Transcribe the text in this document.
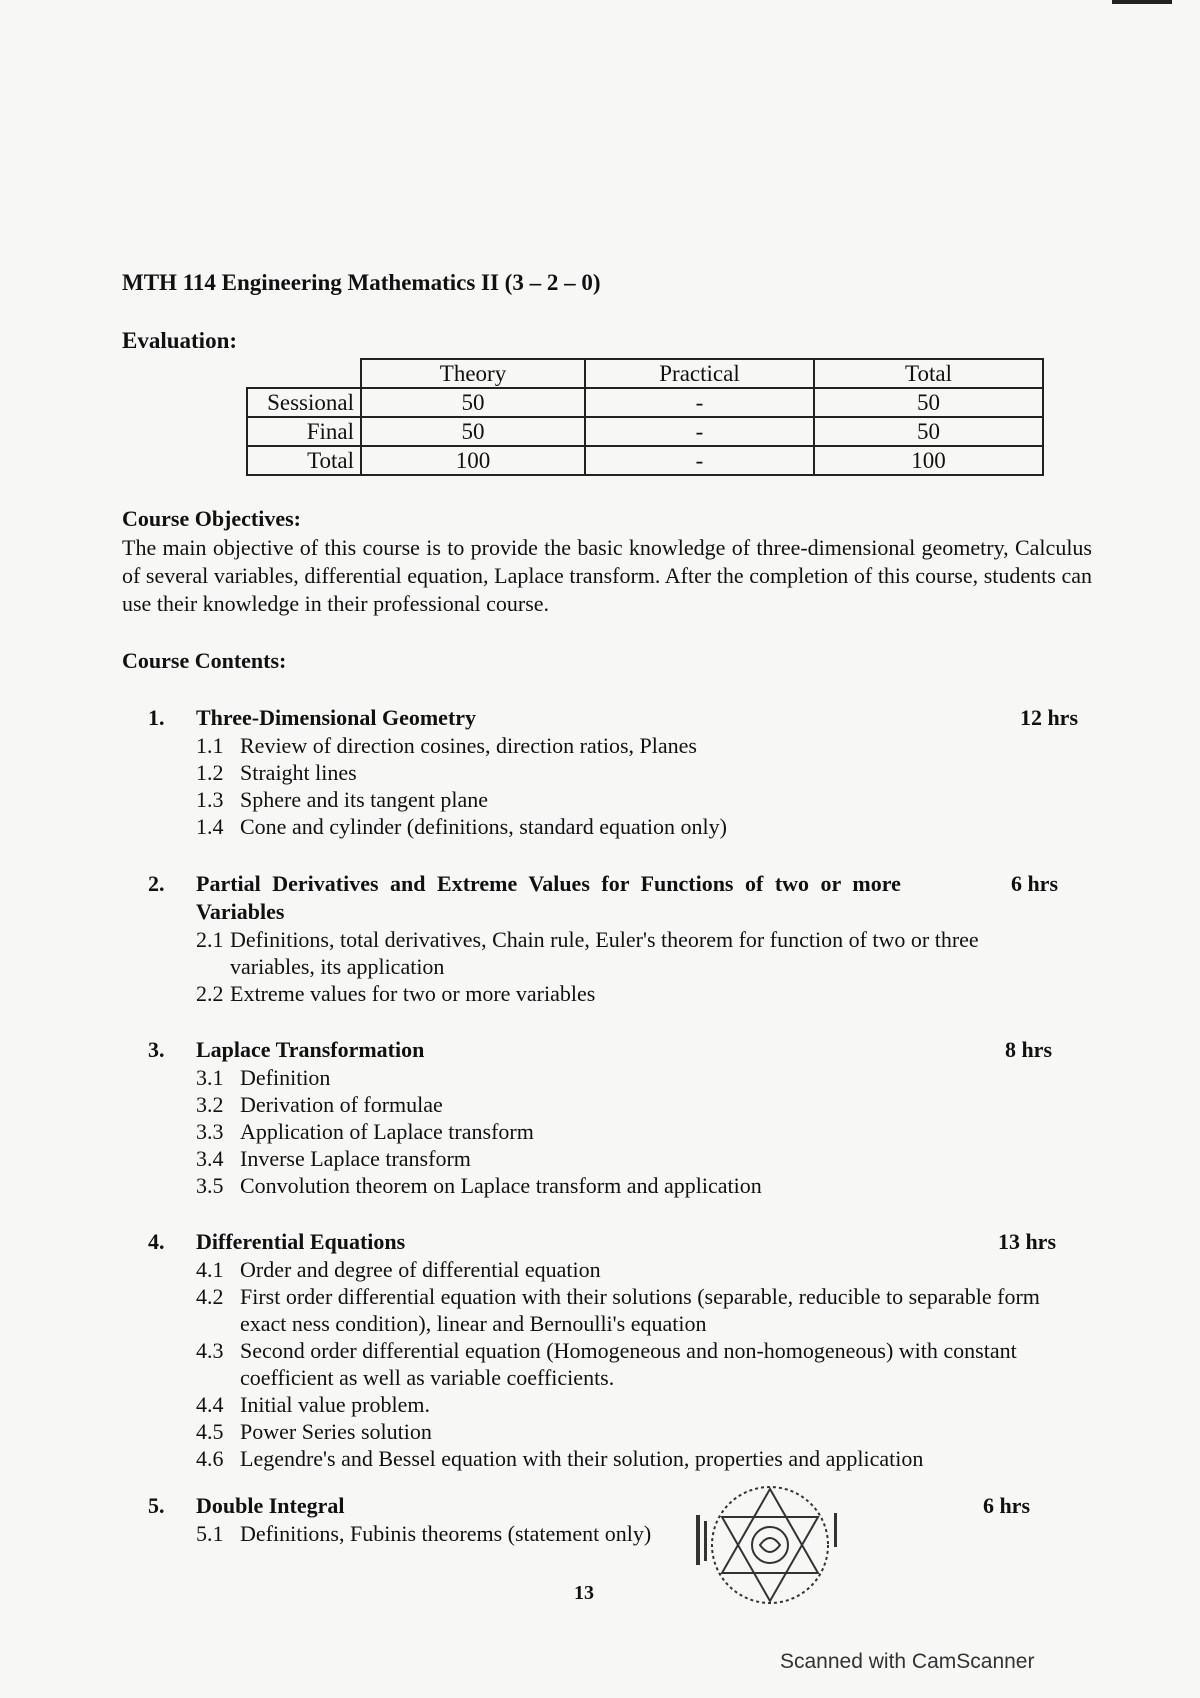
MTH 114 Engineering Mathematics II (3 – 2 – 0)
Evaluation:
	Theory	Practical	Total
Sessional	50	-	50
Final	50	-	50
Total	100	-	100
Course Objectives:
The main objective of this course is to provide the basic knowledge of three-dimensional geometry, Calculus of several variables, differential equation, Laplace transform. After the completion of this course, students can use their knowledge in their professional course.
Course Contents:
1. Three-Dimensional Geometry	12 hrs
1.1 Review of direction cosines, direction ratios, Planes
1.2 Straight lines
1.3 Sphere and its tangent plane
1.4 Cone and cylinder (definitions, standard equation only)
2. Partial Derivatives and Extreme Values for Functions of two or more Variables
6 hrs
2.1 Definitions, total derivatives, Chain rule, Euler's theorem for function of two or three variables, its application
2.2 Extreme values for two or more variables
3. Laplace Transformation	8 hrs
3.1 Definition
3.2 Derivation of formulae
3.3 Application of Laplace transform
3.4 Inverse Laplace transform
3.5 Convolution theorem on Laplace transform and application
4. Differential Equations	13 hrs
4.1 Order and degree of differential equation
4.2 First order differential equation with their solutions (separable, reducible to separable form exact ness condition), linear and Bernoulli's equation
4.3 Second order differential equation (Homogeneous and non-homogeneous) with constant coefficient as well as variable coefficients.
4.4 Initial value problem.
4.5 Power Series solution
4.6 Legendre's and Bessel equation with their solution, properties and application
5. Double Integral	6 hrs
5.1 Definitions, Fubinis theorems (statement only)
13
Scanned with CamScanner
